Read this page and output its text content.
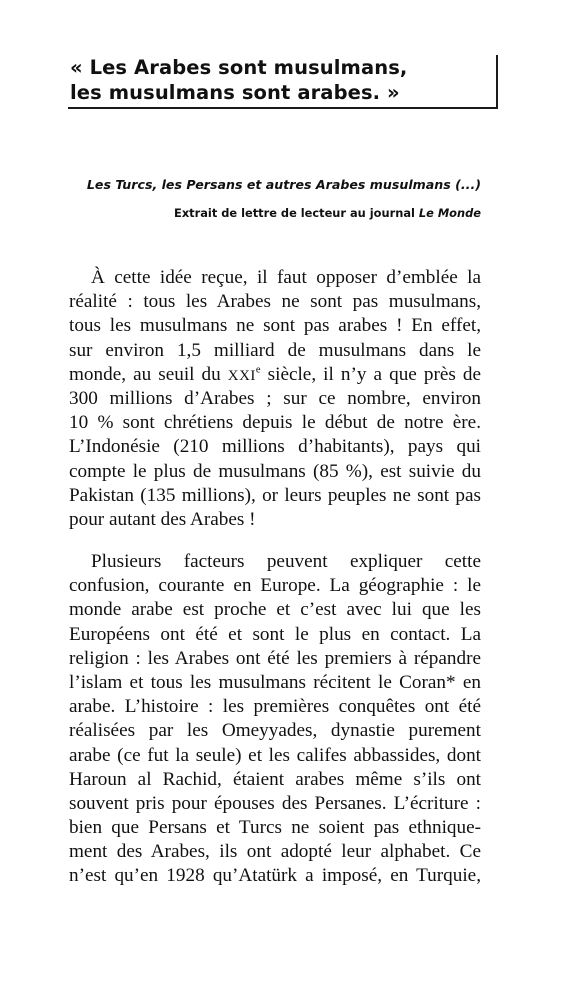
« Les Arabes sont musulmans,
les musulmans sont arabes. »
Les Turcs, les Persans et autres Arabes musulmans (...)
Extrait de lettre de lecteur au journal Le Monde
À cette idée reçue, il faut opposer d’emblée la
réalité : tous les Arabes ne sont pas musulmans,
tous les musulmans ne sont pas arabes ! En effet,
sur environ 1,5 milliard de musulmans dans le
monde, au seuil du XXIe siècle, il n’y a que près de
300 millions d’Arabes ; sur ce nombre, environ
10 % sont chrétiens depuis le début de notre ère.
L’Indonésie (210 millions d’habitants), pays qui
compte le plus de musulmans (85 %), est suivie du
Pakistan (135 millions), or leurs peuples ne sont pas
pour autant des Arabes !
Plusieurs facteurs peuvent expliquer cette
confusion, courante en Europe. La géographie : le
monde arabe est proche et c’est avec lui que les
Européens ont été et sont le plus en contact. La
religion : les Arabes ont été les premiers à répandre
l’islam et tous les musulmans récitent le Coran* en
arabe. L’histoire : les premières conquêtes ont été
réalisées par les Omeyyades, dynastie purement
arabe (ce fut la seule) et les califes abbassides, dont
Haroun al Rachid, étaient arabes même s’ils ont
souvent pris pour épouses des Persanes. L’écriture :
bien que Persans et Turcs ne soient pas ethnique-
ment des Arabes, ils ont adopté leur alphabet. Ce
n’est qu’en 1928 qu’Atatürk a imposé, en Turquie,
